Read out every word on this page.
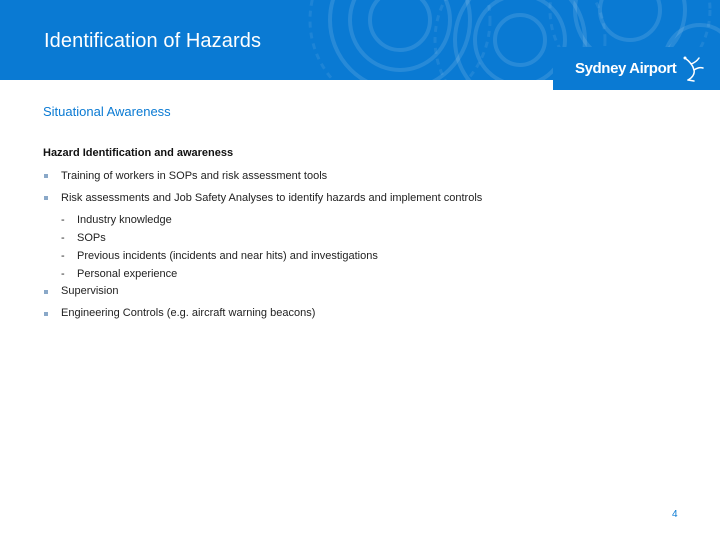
Identification of Hazards
Sydney Airport
Situational Awareness
Hazard Identification and awareness
Training of workers in SOPs and risk assessment tools
Risk assessments and Job Safety Analyses to identify hazards and implement controls
- Industry knowledge
- SOPs
- Previous incidents (incidents and near hits) and investigations
- Personal experience
Supervision
Engineering Controls (e.g. aircraft warning beacons)
4
